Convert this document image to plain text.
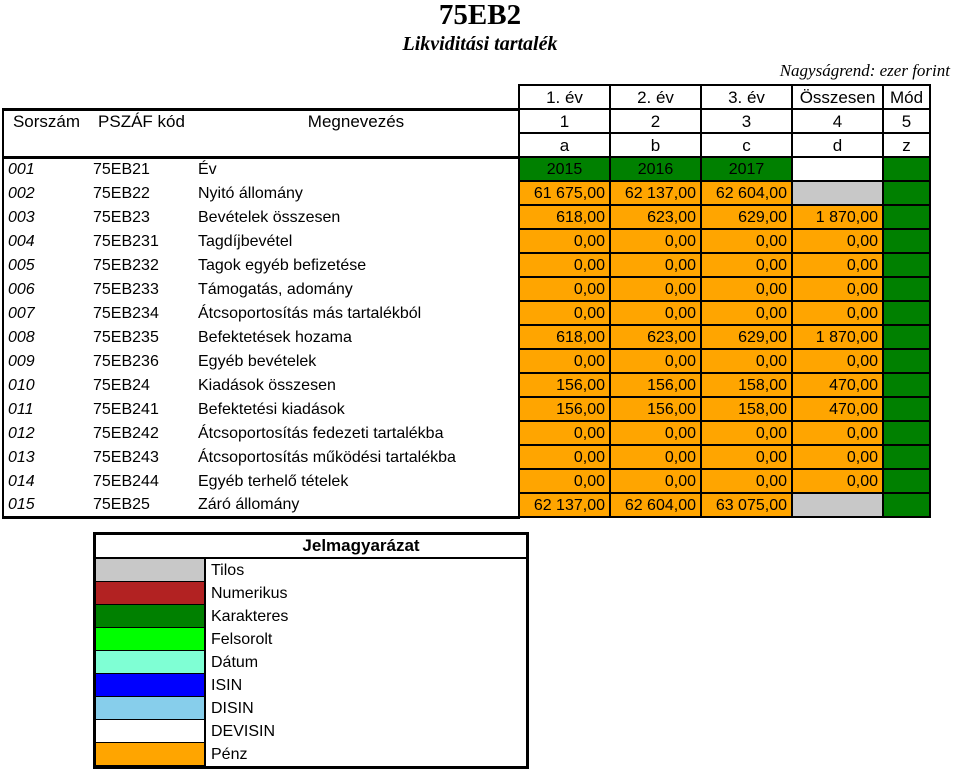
75EB2
Likviditási tartalék
Nagyságrend: ezer forint
			1. év	2. év	3. év	Összesen	Mód
Sorszám	PSZÁF kód	Megnevezés	1	2	3	4	5
			a	b	c	d	z
001	75EB21	Év	2015	2016	2017		
002	75EB22	Nyitó állomány	61 675,00	62 137,00	62 604,00		
003	75EB23	Bevételek összesen	618,00	623,00	629,00	1 870,00	
004	75EB231	Tagdíjbevétel	0,00	0,00	0,00	0,00	
005	75EB232	Tagok egyéb befizetése	0,00	0,00	0,00	0,00	
006	75EB233	Támogatás, adomány	0,00	0,00	0,00	0,00	
007	75EB234	Átcsoportosítás más tartalékból	0,00	0,00	0,00	0,00	
008	75EB235	Befektetések hozama	618,00	623,00	629,00	1 870,00	
009	75EB236	Egyéb bevételek	0,00	0,00	0,00	0,00	
010	75EB24	Kiadások összesen	156,00	156,00	158,00	470,00	
011	75EB241	Befektetési kiadások	156,00	156,00	158,00	470,00	
012	75EB242	Átcsoportosítás fedezeti tartalékba	0,00	0,00	0,00	0,00	
013	75EB243	Átcsoportosítás működési tartalékba	0,00	0,00	0,00	0,00	
014	75EB244	Egyéb terhelő tételek	0,00	0,00	0,00	0,00	
015	75EB25	Záró állomány	62 137,00	62 604,00	63 075,00		
Jelmagyarázat
Tilos
Numerikus
Karakteres
Felsorolt
Dátum
ISIN
DISIN
DEVISIN
Pénz
